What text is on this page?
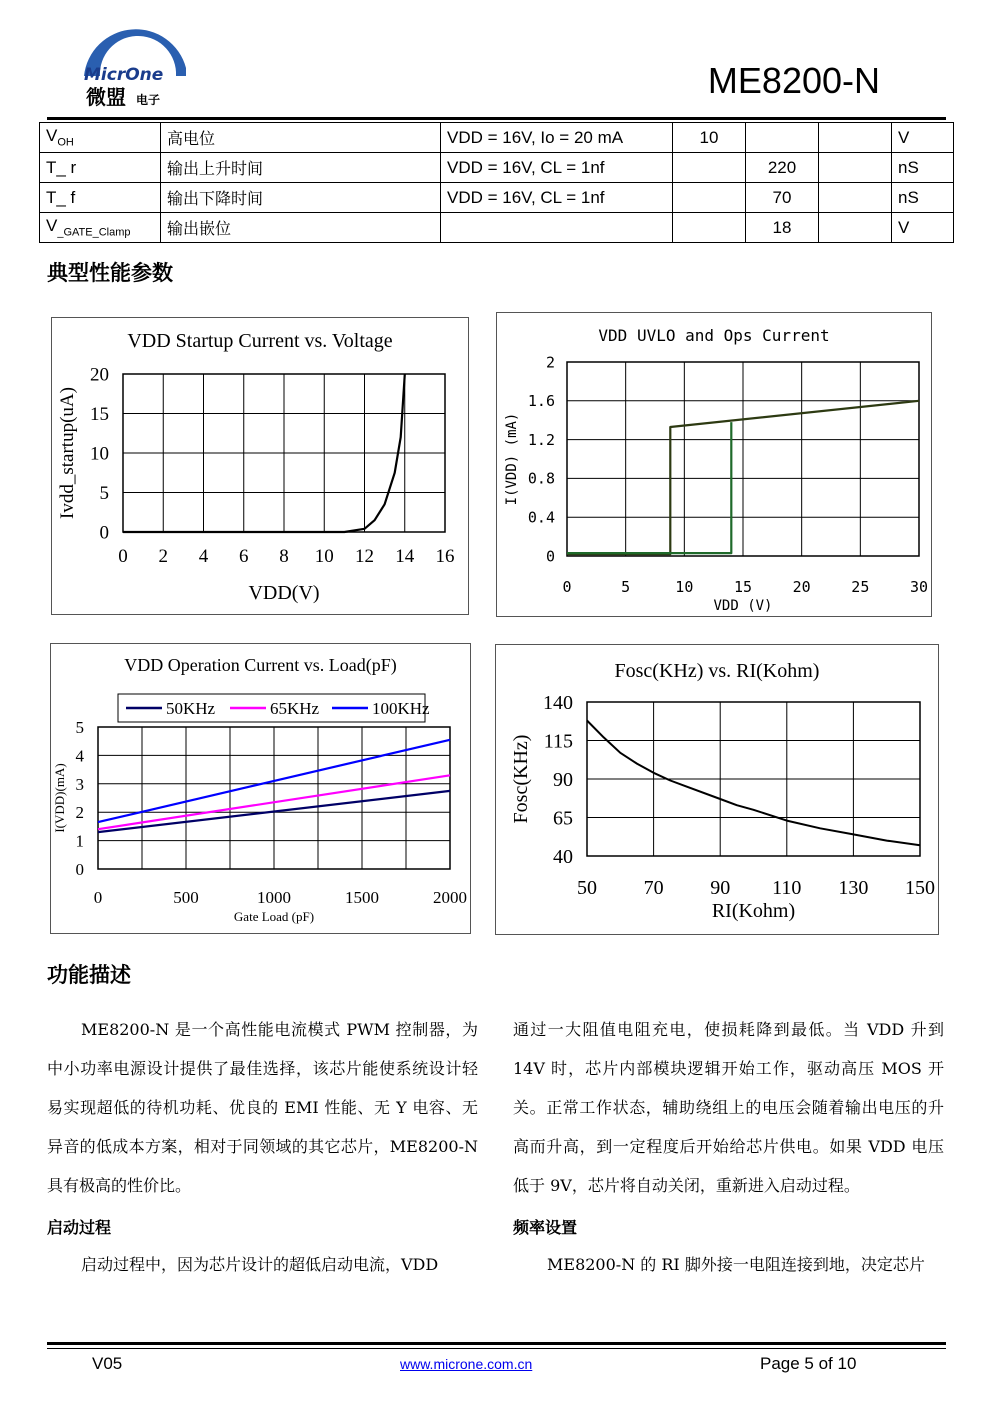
MicrOne
微盟 电子	ME8200-N
$V_{OH}$	高电位	VDD = 16V, Io = 20 mA	10			V
T_ r	输出上升时间	VDD = 16V, CL = 1nf		220		nS
T_ f	输出下降时间	VDD = 16V, CL = 1nf		70		nS
$V_{\_GATE\_Clamp}$	输出嵌位			18		V
典型性能参数
0 2 4 6 8 10 12 14 16
0
5
10
15
20
VDD Startup Current vs. Voltage
VDD(V)
Ivdd_startup(uA)
0	5	10	15	20	25	30
0
0.4
0.8
1.2
1.6
2
VDD UVLO and Ops Current
VDD (V)
I(VDD) (mA)
0	500	1000	1500	2000
0
1
2
3
4
5
VDD Operation Current vs. Load(pF)
Gate Load (pF)
I(VDD)(mA)
50KHz	65KHz	100KHz
50 70 90 110 130 150
40
65
90
115
140
Fosc(KHz) vs. RI(Kohm)
RI(Kohm)
Fosc(KHz)
功能描述
ME8200-N 是一个高性能电流模式 PWM 控制器，为中小功率电源设计提供了最佳选择，该芯片能使系统设计轻易实现超低的待机功耗、优良的 EMI 性能、无 Y 电容、无异音的低成本方案，相对于同领域的其它芯片，ME8200-N 具有极高的性价比。
启动过程
启动过程中，因为芯片设计的超低启动电流，VDD
通过一大阻值电阻充电，使损耗降到最低。当 VDD 升到 14V 时，芯片内部模块逻辑开始工作，驱动高压 MOS 开关。正常工作状态，辅助绕组上的电压会随着输出电压的升高而升高，到一定程度后开始给芯片供电。如果 VDD 电压低于 9V，芯片将自动关闭，重新进入启动过程。
频率设置
ME8200-N 的 RI 脚外接一电阻连接到地，决定芯片
V05	www.microne.com.cn	Page 5 of 10
